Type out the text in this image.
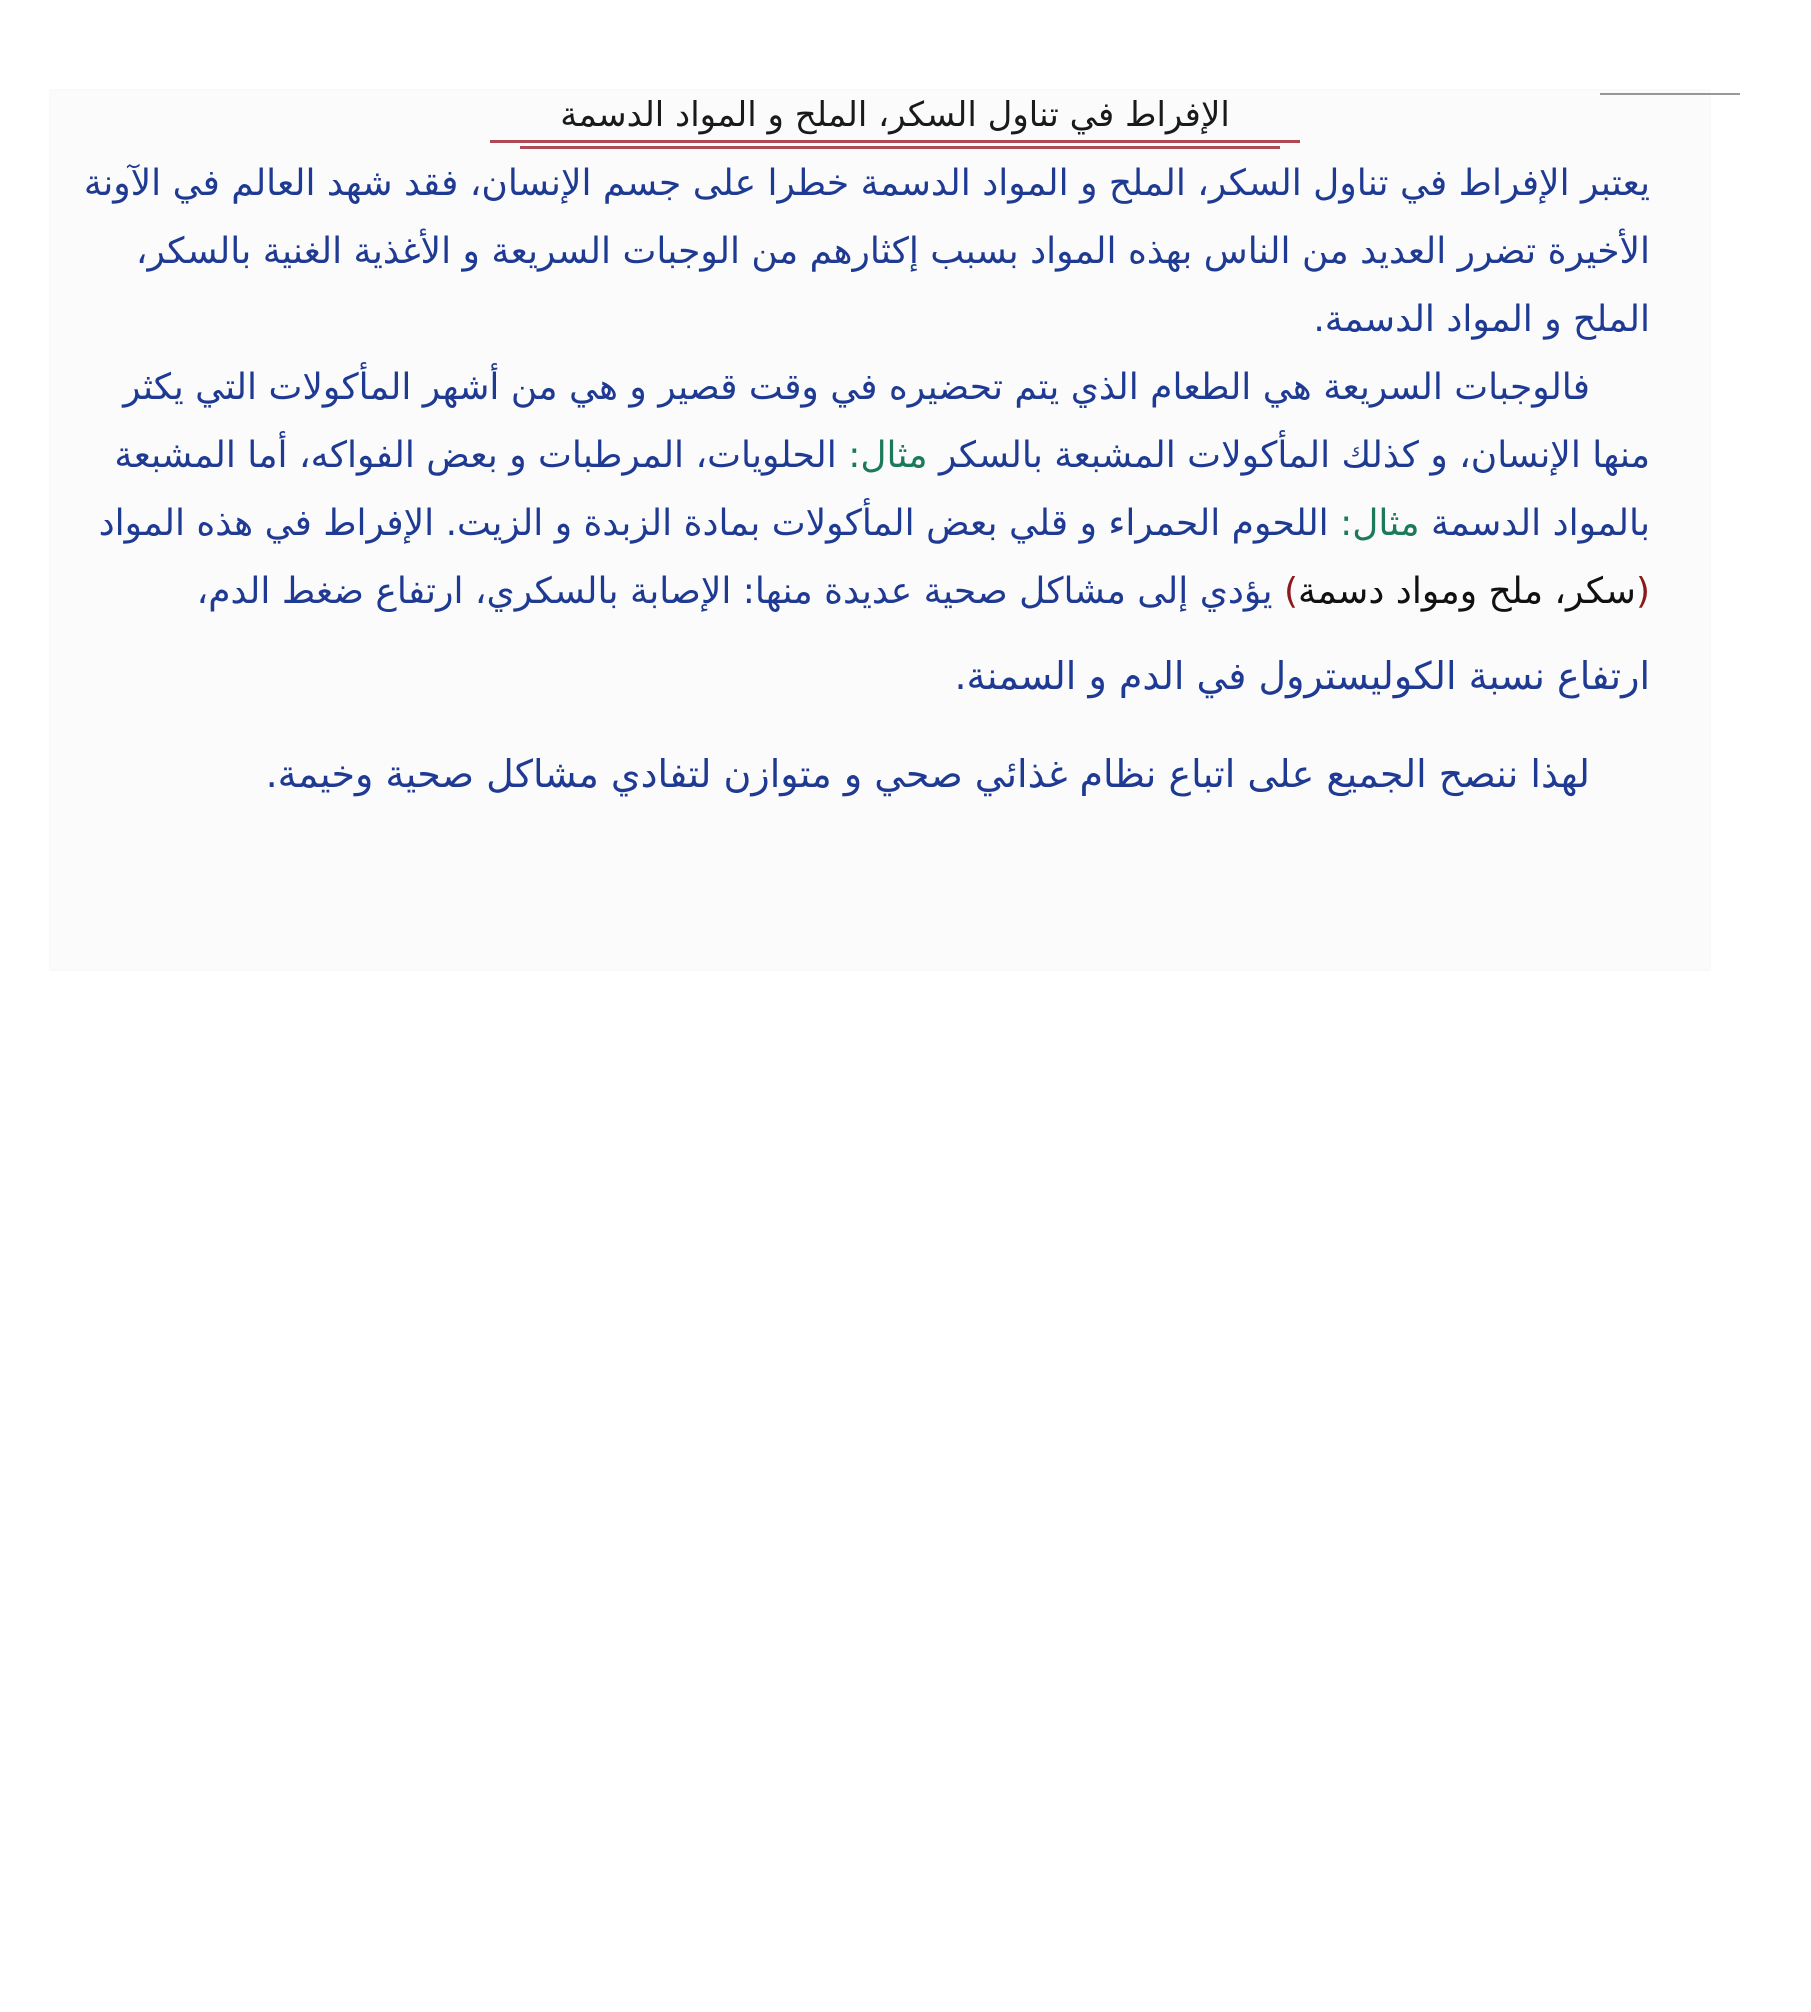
الإفراط في تناول السكر، الملح و المواد الدسمة

يعتبر الإفراط في تناول السكر، الملح و المواد الدسمة خطرا على جسم الإنسان، فقد شهد العالم في الآونة الأخيرة تضرر العديد من الناس بهذه المواد بسبب إكثارهم من الوجبات السريعة و الأغذية الغنية بالسكر، الملح و المواد الدسمة.

فالوجبات السريعة هي الطعام الذي يتم تحضيره في وقت قصير و هي من أشهر المأكولات التي يكثر منها الإنسان، و كذلك المأكولات المشبعة بالسكر مثال: الحلويات، المرطبات و بعض الفواكه، أما المشبعة بالمواد الدسمة مثال: اللحوم الحمراء و قلي بعض المأكولات بمادة الزبدة و الزيت. الإفراط في هذه المواد (سكر، ملح ومواد دسمة) يؤدي إلى مشاكل صحية عديدة منها: الإصابة بالسكري، ارتفاع ضغط الدم،

ارتفاع نسبة الكوليسترول في الدم و السمنة.

لهذا ننصح الجميع على اتباع نظام غذائي صحي و متوازن لتفادي مشاكل صحية وخيمة.
